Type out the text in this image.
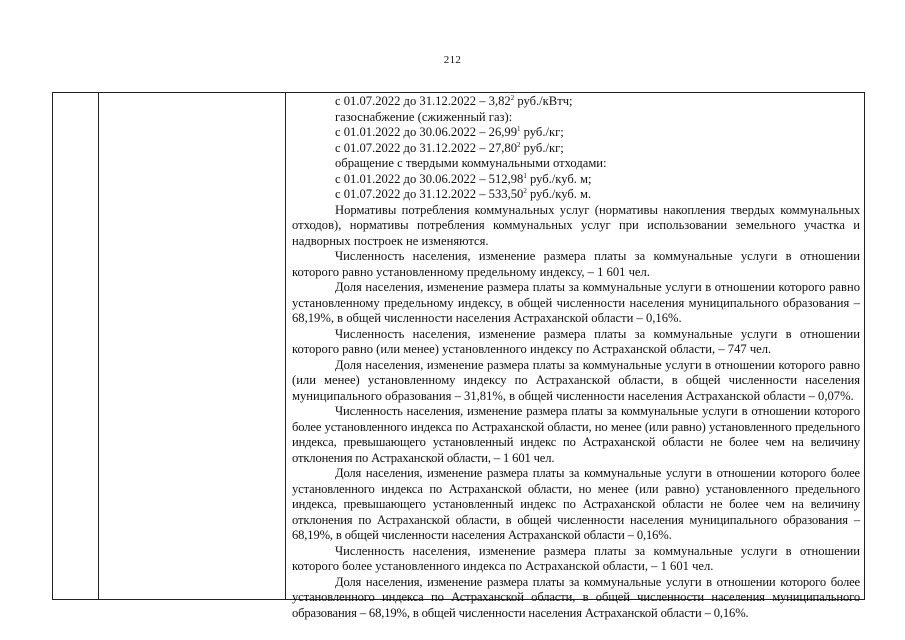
212

с 01.07.2022 до 31.12.2022 – 3,82$^2$ руб./кВтч;

газоснабжение (сжиженный газ):

с 01.01.2022 до 30.06.2022 – 26,99$^1$ руб./кг;

с 01.07.2022 до 31.12.2022 – 27,80$^2$ руб./кг;

обращение с твердыми коммунальными отходами:

с 01.01.2022 до 30.06.2022 – 512,98$^1$ руб./куб. м;

с 01.07.2022 до 31.12.2022 – 533,50$^2$ руб./куб. м.

Нормативы потребления коммунальных услуг (нормативы накопления твердых коммунальных отходов), нормативы потребления коммунальных услуг при использовании земельного участка и надворных построек не изменяются.

Численность населения, изменение размера платы за коммунальные услуги в отношении которого равно установленному предельному индексу, – 1 601 чел.

Доля населения, изменение размера платы за коммунальные услуги в отношении которого равно установленному предельному индексу, в общей численности населения муниципального образования – 68,19%, в общей численности населения Астраханской области – 0,16%.

Численность населения, изменение размера платы за коммунальные услуги в отношении которого равно (или менее) установленного индексу по Астраханской области, – 747 чел.

Доля населения, изменение размера платы за коммунальные услуги в отношении которого равно (или менее) установленному индексу по Астраханской области, в общей численности населения муниципального образования – 31,81%, в общей численности населения Астраханской области – 0,07%.

Численность населения, изменение размера платы за коммунальные услуги в отношении которого более установленного индекса по Астраханской области, но менее (или равно) установленного предельного индекса, превышающего установленный индекс по Астраханской области не более чем на величину отклонения по Астраханской области, – 1 601 чел.

Доля населения, изменение размера платы за коммунальные услуги в отношении которого более установленного индекса по Астраханской области, но менее (или равно) установленного предельного индекса, превышающего установленный индекс по Астраханской области не более чем на величину отклонения по Астраханской области, в общей численности населения муниципального образования – 68,19%, в общей численности населения Астраханской области – 0,16%.

Численность населения, изменение размера платы за коммунальные услуги в отношении которого более установленного индекса по Астраханской области, – 1 601 чел.

Доля населения, изменение размера платы за коммунальные услуги в отношении которого более установленного индекса по Астраханской области, в общей численности населения муниципального образования – 68,19%, в общей численности населения Астраханской области – 0,16%.
